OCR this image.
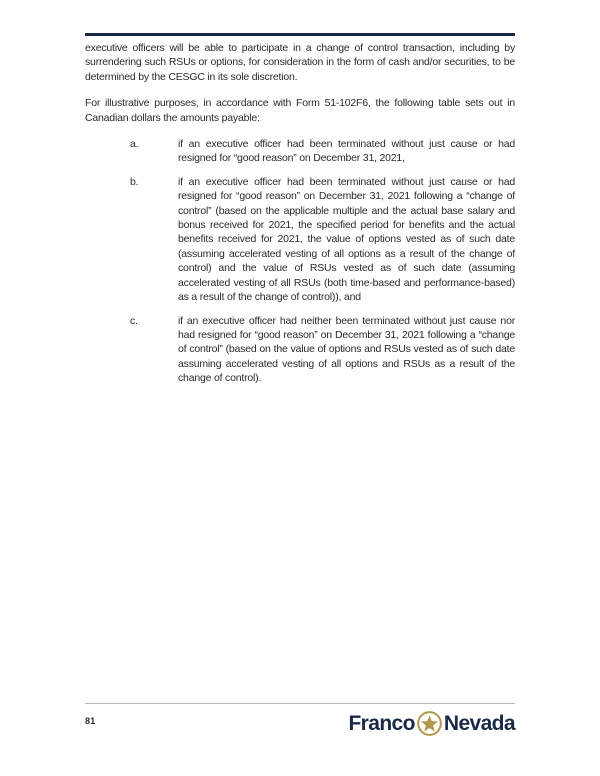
executive officers will be able to participate in a change of control transaction, including by surrendering such RSUs or options, for consideration in the form of cash and/or securities, to be determined by the CESGC in its sole discretion.

For illustrative purposes, in accordance with Form 51-102F6, the following table sets out in Canadian dollars the amounts payable:

a.	if an executive officer had been terminated without just cause or had resigned for “good reason” on December 31, 2021,
b.	if an executive officer had been terminated without just cause or had resigned for “good reason” on December 31, 2021 following a “change of control” (based on the applicable multiple and the actual base salary and bonus received for 2021, the specified period for benefits and the actual benefits received for 2021, the value of options vested as of such date (assuming accelerated vesting of all options as a result of the change of control) and the value of RSUs vested as of such date (assuming accelerated vesting of all RSUs (both time-based and performance-based) as a result of the change of control)), and
c.	if an executive officer had neither been terminated without just cause nor had resigned for “good reason” on December 31, 2021 following a “change of control” (based on the value of options and RSUs vested as of such date assuming accelerated vesting of all options and RSUs as a result of the change of control).
81	Franco Nevada
